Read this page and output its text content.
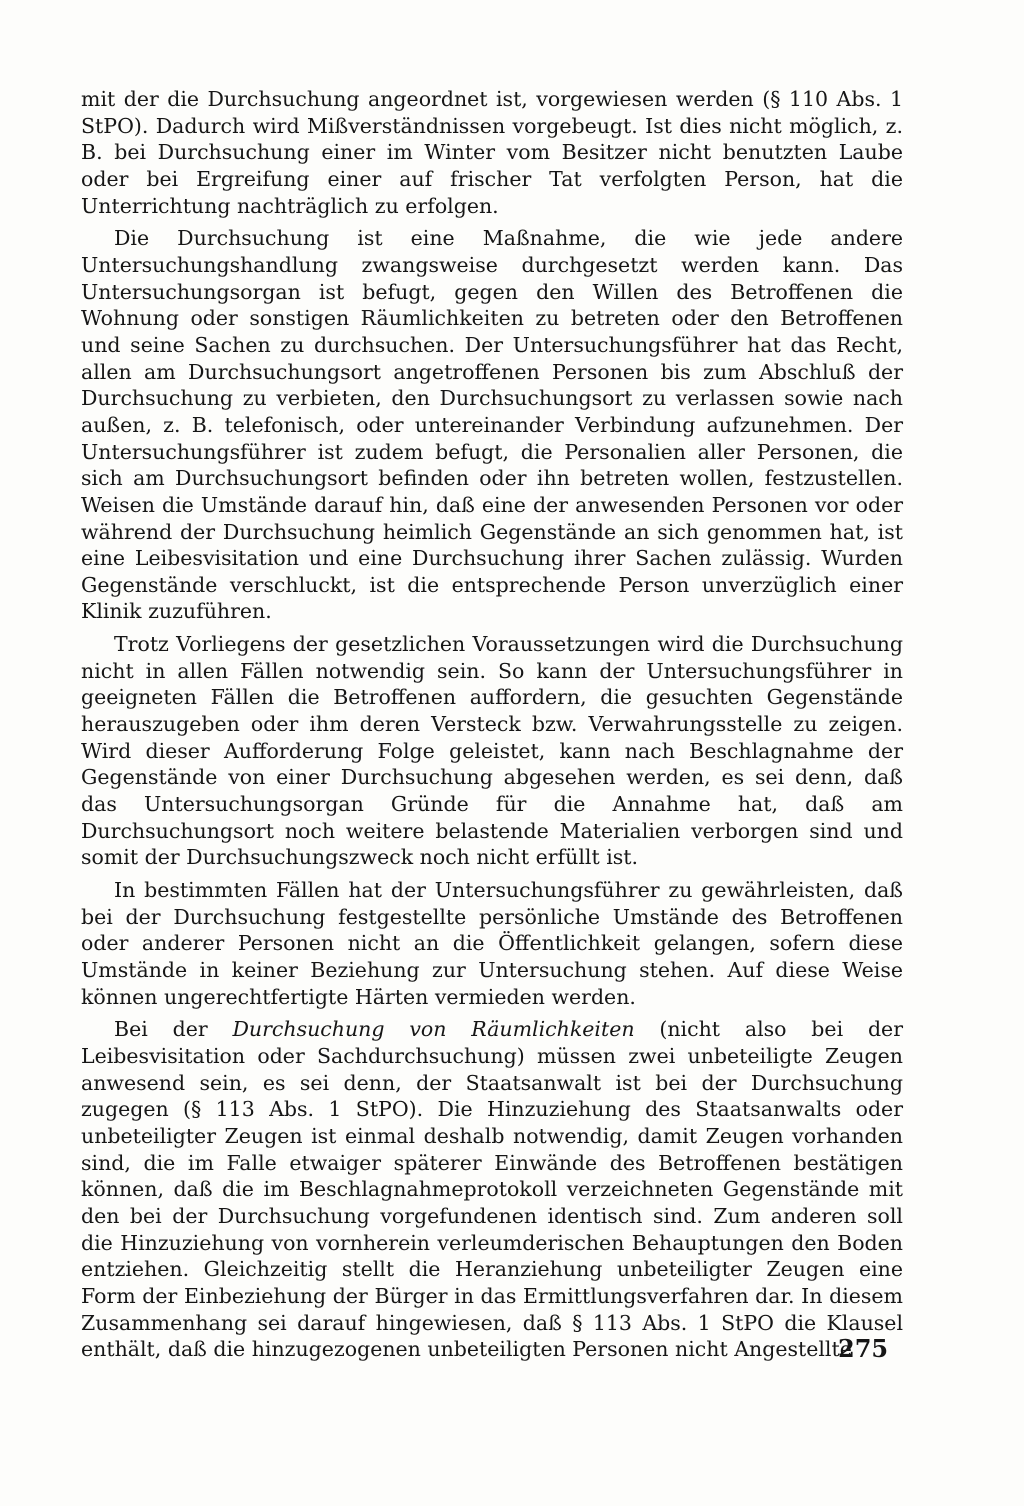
mit der die Durchsuchung angeordnet ist, vorgewiesen werden (§ 110 Abs. 1 StPO). Dadurch wird Mißverständnissen vorgebeugt. Ist dies nicht möglich, z. B. bei Durchsuchung einer im Winter vom Besitzer nicht benutzten Laube oder bei Ergreifung einer auf frischer Tat verfolgten Person, hat die Unterrichtung nachträglich zu erfolgen.

Die Durchsuchung ist eine Maßnahme, die wie jede andere Untersuchungshandlung zwangsweise durchgesetzt werden kann. Das Untersuchungsorgan ist befugt, gegen den Willen des Betroffenen die Wohnung oder sonstigen Räumlichkeiten zu betreten oder den Betroffenen und seine Sachen zu durchsuchen. Der Untersuchungsführer hat das Recht, allen am Durchsuchungsort angetroffenen Personen bis zum Abschluß der Durchsuchung zu verbieten, den Durchsuchungsort zu verlassen sowie nach außen, z. B. telefonisch, oder untereinander Verbindung aufzunehmen. Der Untersuchungsführer ist zudem befugt, die Personalien aller Personen, die sich am Durchsuchungsort befinden oder ihn betreten wollen, festzustellen. Weisen die Umstände darauf hin, daß eine der anwesenden Personen vor oder während der Durchsuchung heimlich Gegenstände an sich genommen hat, ist eine Leibesvisitation und eine Durchsuchung ihrer Sachen zulässig. Wurden Gegenstände verschluckt, ist die entsprechende Person unverzüglich einer Klinik zuzuführen.

Trotz Vorliegens der gesetzlichen Voraussetzungen wird die Durchsuchung nicht in allen Fällen notwendig sein. So kann der Untersuchungsführer in geeigneten Fällen die Betroffenen auffordern, die gesuchten Gegenstände herauszugeben oder ihm deren Versteck bzw. Verwahrungsstelle zu zeigen. Wird dieser Aufforderung Folge geleistet, kann nach Beschlagnahme der Gegenstände von einer Durchsuchung abgesehen werden, es sei denn, daß das Untersuchungsorgan Gründe für die Annahme hat, daß am Durchsuchungsort noch weitere belastende Materialien verborgen sind und somit der Durchsuchungszweck noch nicht erfüllt ist.

In bestimmten Fällen hat der Untersuchungsführer zu gewährleisten, daß bei der Durchsuchung festgestellte persönliche Umstände des Betroffenen oder anderer Personen nicht an die Öffentlichkeit gelangen, sofern diese Umstände in keiner Beziehung zur Untersuchung stehen. Auf diese Weise können ungerechtfertigte Härten vermieden werden.

Bei der Durchsuchung von Räumlichkeiten (nicht also bei der Leibesvisitation oder Sachdurchsuchung) müssen zwei unbeteiligte Zeugen anwesend sein, es sei denn, der Staatsanwalt ist bei der Durchsuchung zugegen (§ 113 Abs. 1 StPO). Die Hinzuziehung des Staatsanwalts oder unbeteiligter Zeugen ist einmal deshalb notwendig, damit Zeugen vorhanden sind, die im Falle etwaiger späterer Einwände des Betroffenen bestätigen können, daß die im Beschlagnahmeprotokoll verzeichneten Gegenstände mit den bei der Durchsuchung vorgefundenen identisch sind. Zum anderen soll die Hinzuziehung von vornherein verleumderischen Behauptungen den Boden entziehen. Gleichzeitig stellt die Heranziehung unbeteiligter Zeugen eine Form der Einbeziehung der Bürger in das Ermittlungsverfahren dar. In diesem Zusammenhang sei darauf hingewiesen, daß § 113 Abs. 1 StPO die Klausel enthält, daß die hinzugezogenen unbeteiligten Personen nicht Angestellte

275
